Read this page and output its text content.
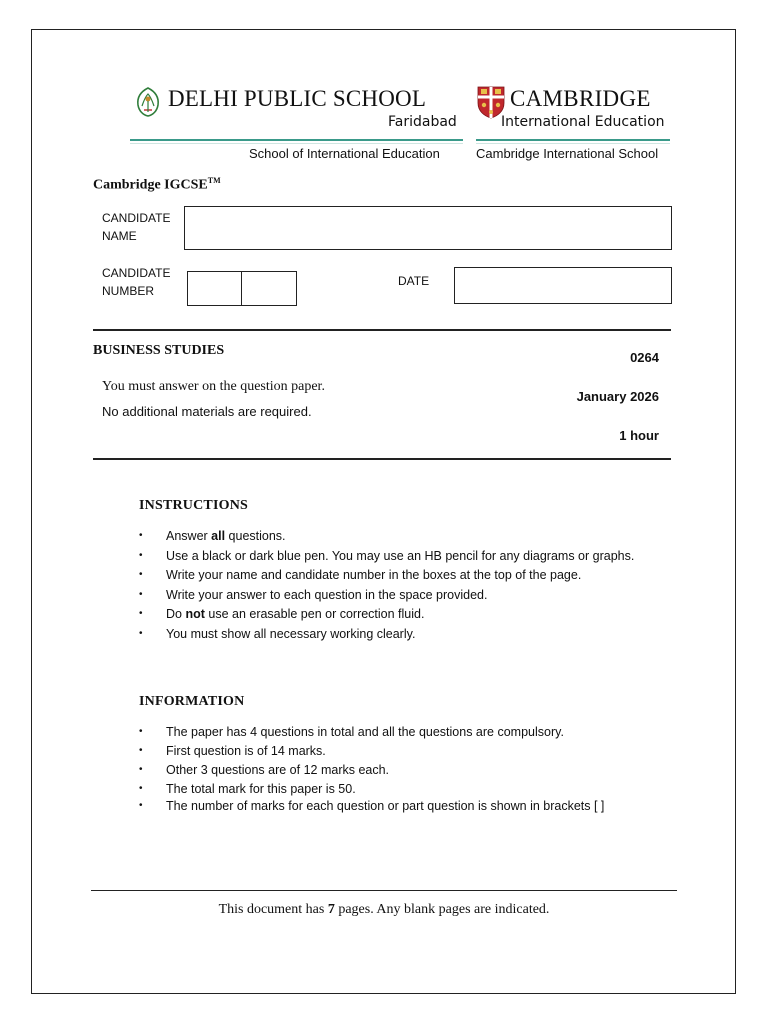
DELHI PUBLIC SCHOOL
Faridabad
School of International Education
CAMBRIDGE
International Education
Cambridge International School
Cambridge IGCSE™
CANDIDATE
NAME
CANDIDATE
NUMBER
DATE
BUSINESS STUDIES	0264
You must answer on the question paper.
January 2026
No additional materials are required.
1 hour
INSTRUCTIONS
• Answer all questions.
• Use a black or dark blue pen. You may use an HB pencil for any diagrams or graphs.
• Write your name and candidate number in the boxes at the top of the page.
• Write your answer to each question in the space provided.
• Do not use an erasable pen or correction fluid.
• You must show all necessary working clearly.
INFORMATION
• The paper has 4 questions in total and all the questions are compulsory.
• First question is of 14 marks.
• Other 3 questions are of 12 marks each.
• The total mark for this paper is 50.
• The number of marks for each question or part question is shown in brackets [ ]
This document has 7 pages. Any blank pages are indicated.
